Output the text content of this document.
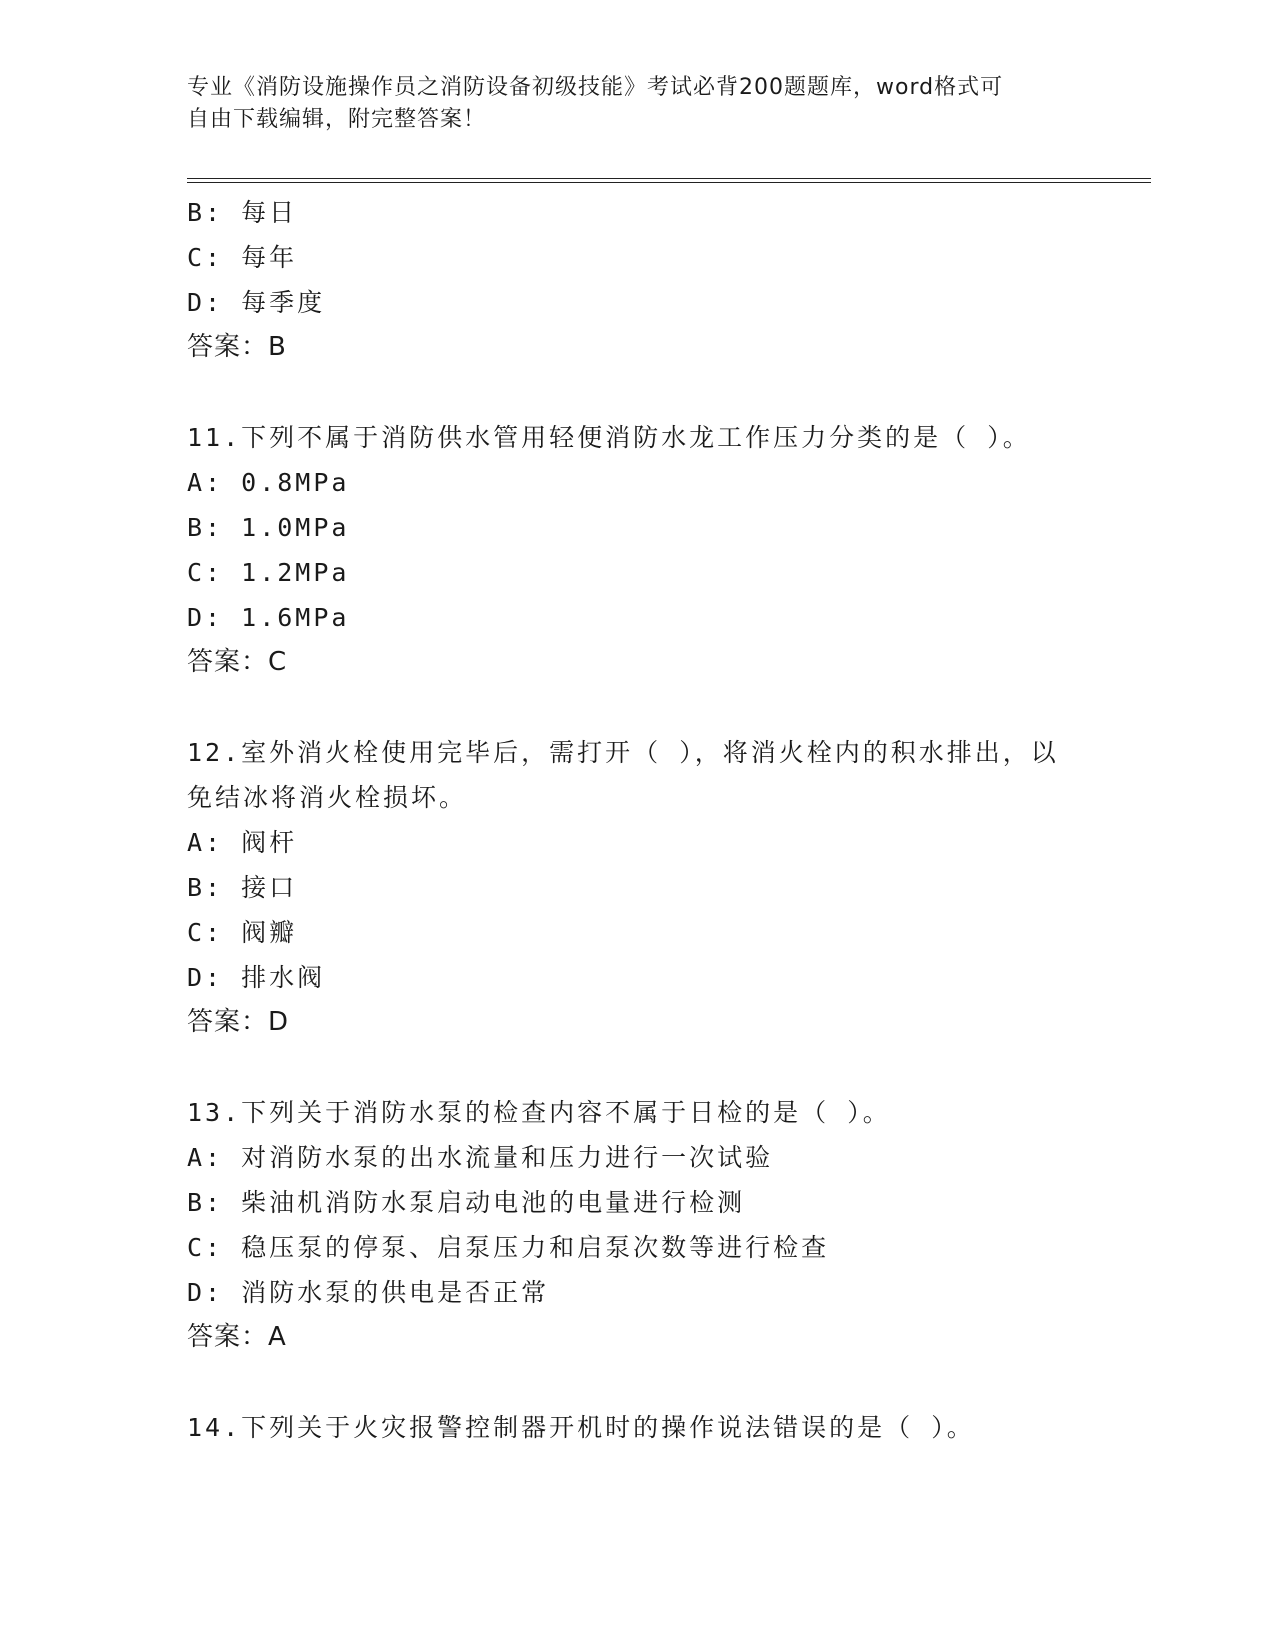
专业《消防设施操作员之消防设备初级技能》考试必背200题题库，word格式可
自由下载编辑，附完整答案！
B: 每日
C: 每年
D: 每季度
答案：B
11.下列不属于消防供水管用轻便消防水龙工作压力分类的是（ ）。
A: 0.8MPa
B: 1.0MPa
C: 1.2MPa
D: 1.6MPa
答案：C
12.室外消火栓使用完毕后，需打开（ ），将消火栓内的积水排出，以免结冰将消火栓损坏。
A: 阀杆
B: 接口
C: 阀瓣
D: 排水阀
答案：D
13.下列关于消防水泵的检查内容不属于日检的是（ ）。
A: 对消防水泵的出水流量和压力进行一次试验
B: 柴油机消防水泵启动电池的电量进行检测
C: 稳压泵的停泵、启泵压力和启泵次数等进行检查
D: 消防水泵的供电是否正常
答案：A
14.下列关于火灾报警控制器开机时的操作说法错误的是（ ）。
